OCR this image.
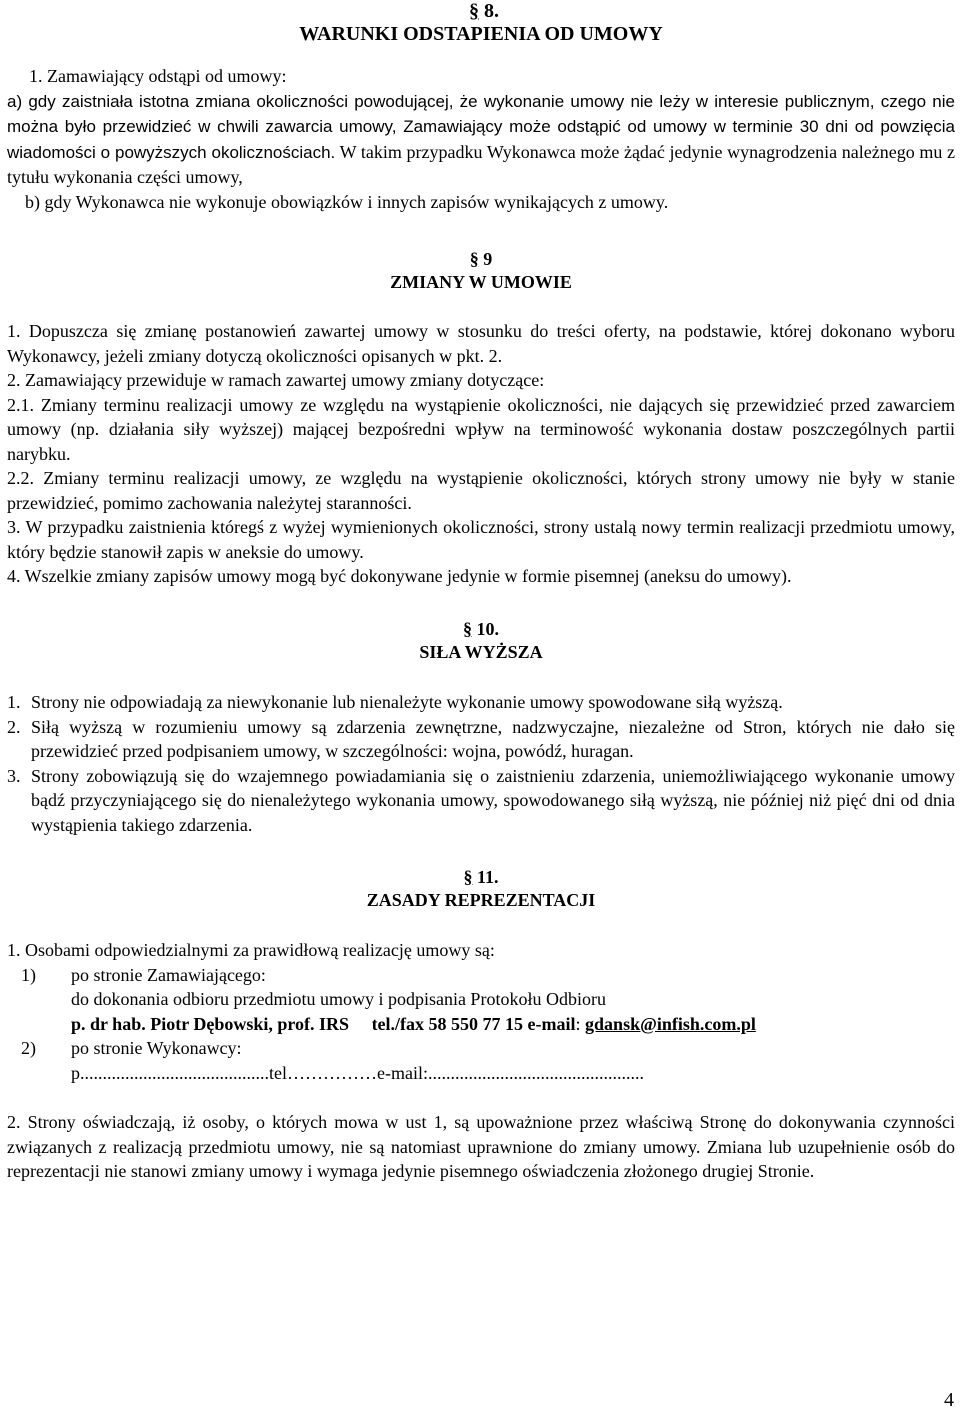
§ 8.
WARUNKI ODSTAPIENIA OD UMOWY

1. Zamawiający odstąpi od umowy:

a) gdy zaistniała istotna zmiana okoliczności powodującej, że wykonanie umowy nie leży w interesie publicznym, czego nie można było przewidzieć w chwili zawarcia umowy, Zamawiający może odstąpić od umowy w terminie 30 dni od powzięcia wiadomości o powyższych okolicznościach. W takim przypadku Wykonawca może żądać jedynie wynagrodzenia należnego mu z tytułu wykonania części umowy,

b) gdy Wykonawca nie wykonuje obowiązków i innych zapisów wynikających z umowy.

§ 9
ZMIANY W UMOWIE

1. Dopuszcza się zmianę postanowień zawartej umowy w stosunku do treści oferty, na podstawie, której dokonano wyboru Wykonawcy, jeżeli zmiany dotyczą okoliczności opisanych w pkt. 2.

2. Zamawiający przewiduje w ramach zawartej umowy zmiany dotyczące:

2.1. Zmiany terminu realizacji umowy ze względu na wystąpienie okoliczności, nie dających się przewidzieć przed zawarciem umowy (np. działania siły wyższej) mającej bezpośredni wpływ na terminowość wykonania dostaw poszczególnych partii narybku.

2.2. Zmiany terminu realizacji umowy, ze względu na wystąpienie okoliczności, których strony umowy nie były w stanie przewidzieć, pomimo zachowania należytej staranności.

3. W przypadku zaistnienia któregś z wyżej wymienionych okoliczności, strony ustalą nowy termin realizacji przedmiotu umowy, który będzie stanowił zapis w aneksie do umowy.

4. Wszelkie zmiany zapisów umowy mogą być dokonywane jedynie w formie pisemnej (aneksu do umowy).

§ 10.
SIŁA WYŻSZA
1. Strony nie odpowiadają za niewykonanie lub nienależyte wykonanie umowy spowodowane siłą wyższą.
2. Siłą wyższą w rozumieniu umowy są zdarzenia zewnętrzne, nadzwyczajne, niezależne od Stron, których nie dało się przewidzieć przed podpisaniem umowy, w szczególności: wojna, powódź, huragan.
3. Strony zobowiązują się do wzajemnego powiadamiania się o zaistnieniu zdarzenia, uniemożliwiającego wykonanie umowy bądź przyczyniającego się do nienależytego wykonania umowy, spowodowanego siłą wyższą, nie później niż pięć dni od dnia wystąpienia takiego zdarzenia.
§ 11.
ZASADY REPREZENTACJI

1. Osobami odpowiedzialnymi za prawidłową realizację umowy są:

1)	po stronie Zamawiającego:
do dokonania odbioru przedmiotu umowy i podpisania Protokołu Odbioru
p. dr hab. Piotr Dębowski, prof. IRS tel./fax 58 550 77 15 e-mail: gdansk@infish.com.pl
2)	po stronie Wykonawcy:
p..........................................tel……………e-mail:................................................

2. Strony oświadczają, iż osoby, o których mowa w ust 1, są upoważnione przez właściwą Stronę do dokonywania czynności związanych z realizacją przedmiotu umowy, nie są natomiast uprawnione do zmiany umowy. Zmiana lub uzupełnienie osób do reprezentacji nie stanowi zmiany umowy i wymaga jedynie pisemnego oświadczenia złożonego drugiej Stronie.

4
